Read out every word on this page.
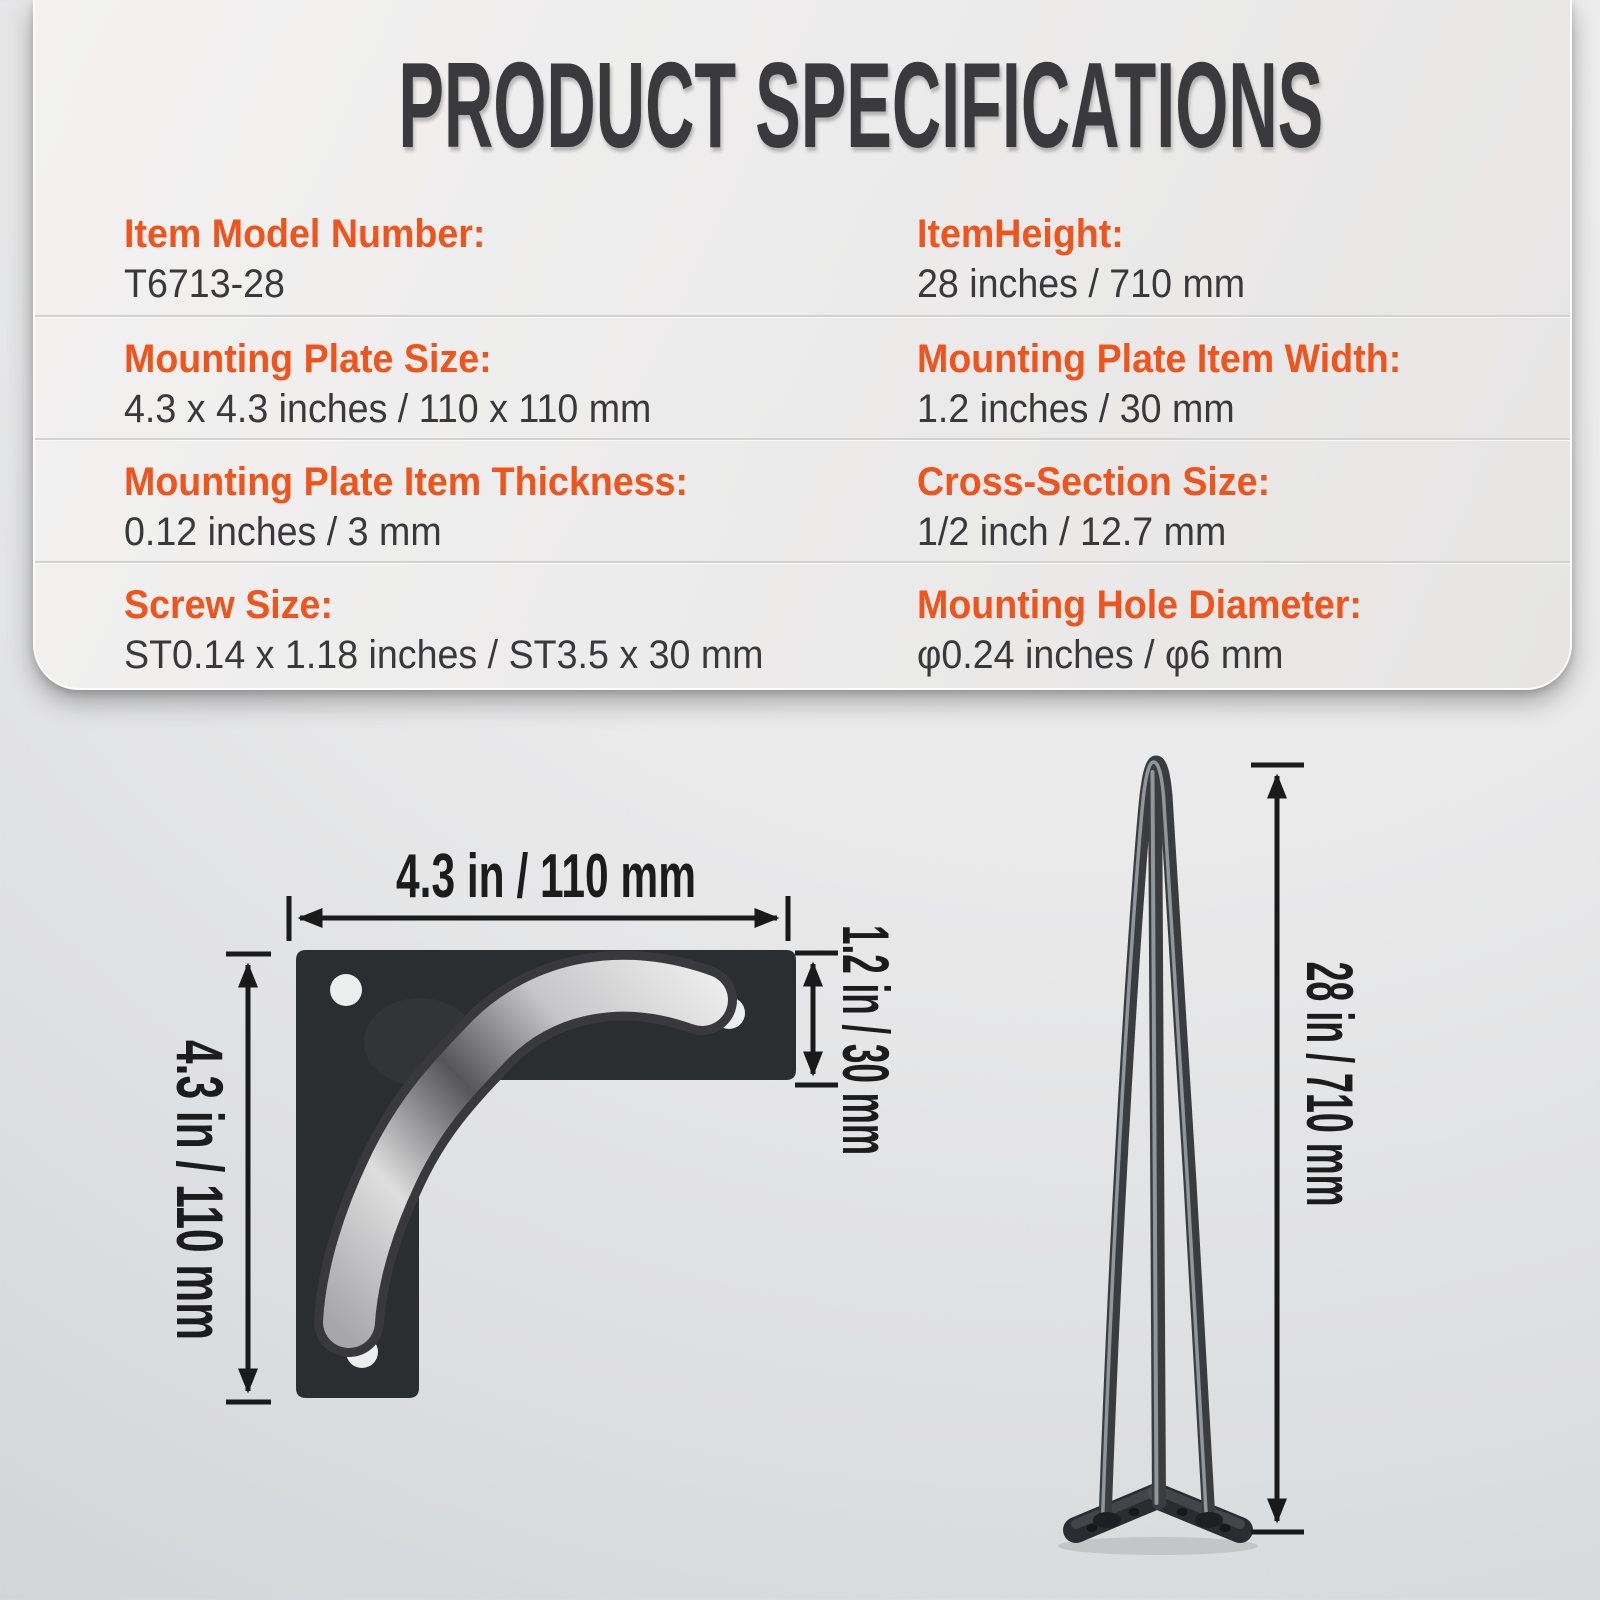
PRODUCT SPECIFICATIONS
Item Model Number:
T6713-28
ItemHeight:
28 inches / 710 mm
Mounting Plate Size:
4.3 x 4.3 inches / 110 x 110 mm
Mounting Plate Item Width:
1.2 inches / 30 mm
Mounting Plate Item Thickness:
0.12 inches / 3 mm
Cross-Section Size:
1/2 inch / 12.7 mm
Screw Size:
ST0.14 x 1.18 inches / ST3.5 x 30 mm
Mounting Hole Diameter:
φ0.24 inches / φ6 mm
4.3 in / 110 mm
4.3 in / 110 mm	1.2 in / 30 mm	28 in / 710 mm
